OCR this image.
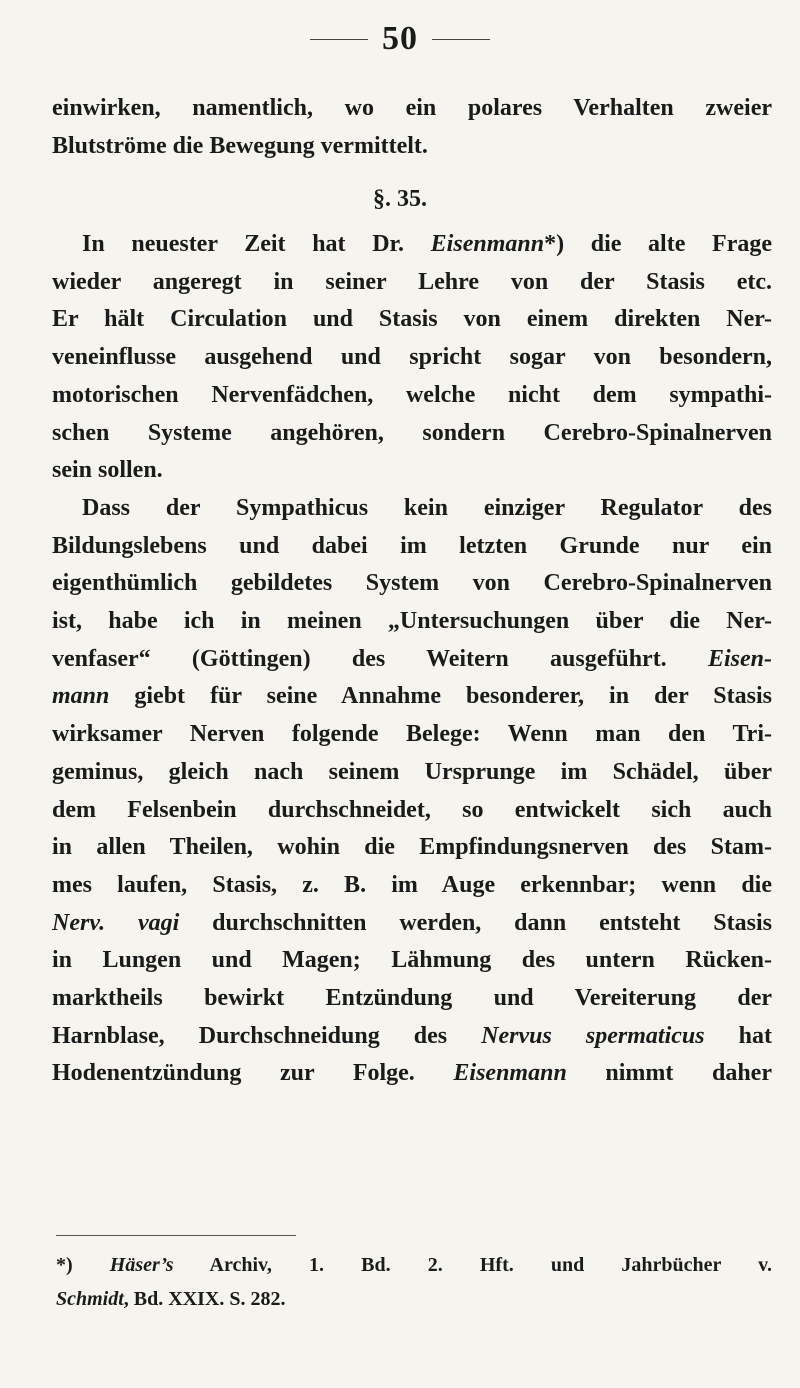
50
einwirken, namentlich, wo ein polares Verhalten zweier
Blutströme die Bewegung vermittelt.
§. 35.
In neuester Zeit hat Dr. Eisenmann*) die alte Frage
wieder angeregt in seiner Lehre von der Stasis etc.
Er hält Circulation und Stasis von einem direkten Ner-
veneinflusse ausgehend und spricht sogar von besondern,
motorischen Nervenfädchen, welche nicht dem sympathi-
schen Systeme angehören, sondern Cerebro-Spinalnerven
sein sollen.
Dass der Sympathicus kein einziger Regulator des
Bildungslebens und dabei im letzten Grunde nur ein
eigenthümlich gebildetes System von Cerebro-Spinalnerven
ist, habe ich in meinen „Untersuchungen über die Ner-
venfaser“ (Göttingen) des Weitern ausgeführt. Eisen-
mann giebt für seine Annahme besonderer, in der Stasis
wirksamer Nerven folgende Belege: Wenn man den Tri-
geminus, gleich nach seinem Ursprunge im Schädel, über
dem Felsenbein durchschneidet, so entwickelt sich auch
in allen Theilen, wohin die Empfindungsnerven des Stam-
mes laufen, Stasis, z. B. im Auge erkennbar; wenn die
Nerv. vagi durchschnitten werden, dann entsteht Stasis
in Lungen und Magen; Lähmung des untern Rücken-
marktheils bewirkt Entzündung und Vereiterung der
Harnblase, Durchschneidung des Nervus spermaticus hat
Hodenentzündung zur Folge. Eisenmann nimmt daher
*) Häser’s Archiv, 1. Bd. 2. Hft. und Jahrbücher v.
Schmidt, Bd. XXIX. S. 282.
